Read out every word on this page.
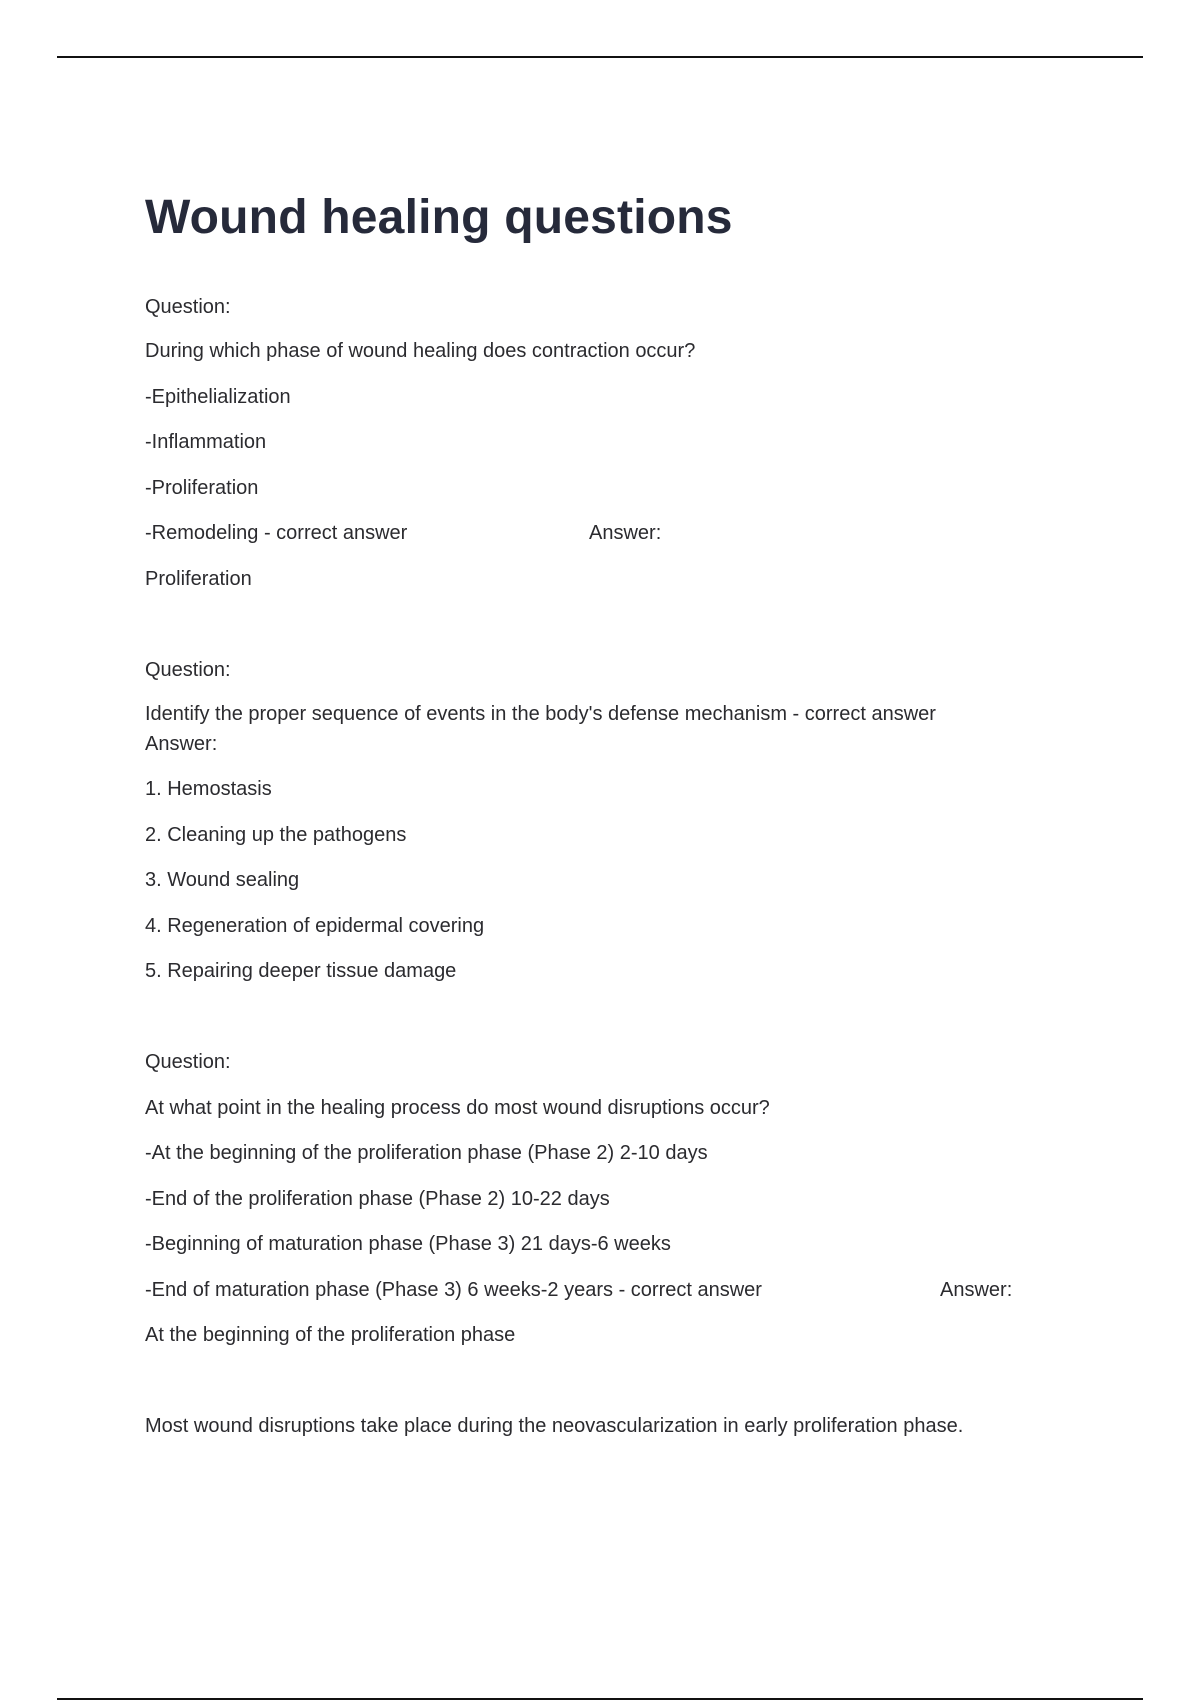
Wound healing questions
Question:
During which phase of wound healing does contraction occur?
-Epithelialization
-Inflammation
-Proliferation
-Remodeling - correct answer	Answer:
Proliferation
Question:
Identify the proper sequence of events in the body's defense mechanism - correct answer Answer:
1. Hemostasis
2. Cleaning up the pathogens
3. Wound sealing
4. Regeneration of epidermal covering
5. Repairing deeper tissue damage
Question:
At what point in the healing process do most wound disruptions occur?
-At the beginning of the proliferation phase (Phase 2) 2-10 days
-End of the proliferation phase (Phase 2) 10-22 days
-Beginning of maturation phase (Phase 3) 21 days-6 weeks
-End of maturation phase (Phase 3) 6 weeks-2 years - correct answer	Answer:
At the beginning of the proliferation phase
Most wound disruptions take place during the neovascularization in early proliferation phase.
